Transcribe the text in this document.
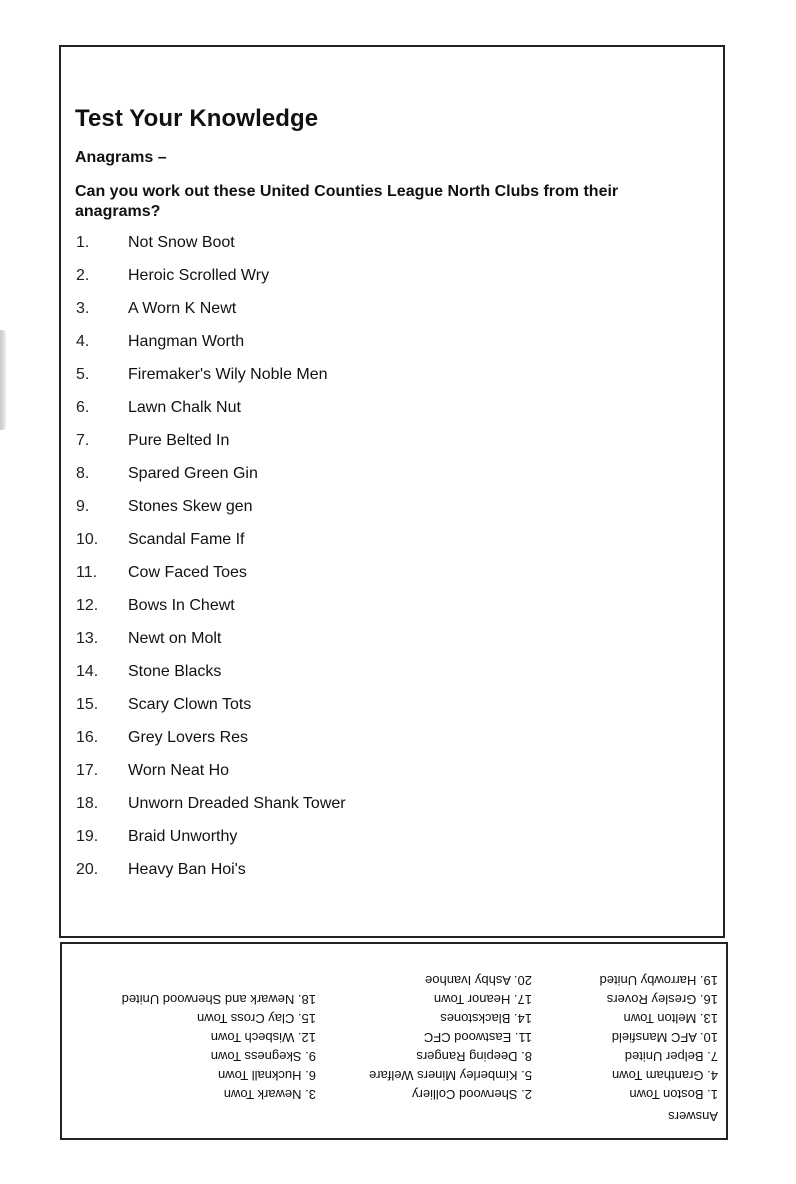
Test Your Knowledge
Anagrams –

Can you work out these United Counties League North Clubs from their anagrams?

1.	Not Snow Boot
2.	Heroic Scrolled Wry
3.	A Worn K Newt
4.	Hangman Worth
5.	Firemaker's Wily Noble Men
6.	Lawn Chalk Nut
7.	Pure Belted In
8.	Spared Green Gin
9.	Stones Skew gen
10.	Scandal Fame If
11.	Cow Faced Toes
12.	Bows In Chewt
13.	Newt on Molt
14.	Stone Blacks
15.	Scary Clown Tots
16.	Grey Lovers Res
17.	Worn Neat Ho
18.	Unworn Dreaded Shank Tower
19.	Braid Unworthy
20.	Heavy Ban Hoi's

Answers

1. Boston Town
4. Grantham Town
7. Belper United
10. AFC Mansfield
13. Melton Town
16. Gresley Rovers
19. Harrowby United
2. Sherwood Colliery
5. Kimberley Miners Welfare
8. Deeping Rangers
11. Eastwood CFC
14. Blackstones
17. Heanor Town
20. Ashby Ivanhoe
3. Newark Town
6. Hucknall Town
9. Skegness Town
12. Wisbech Town
15. Clay Cross Town
18. Newark and Sherwood United
